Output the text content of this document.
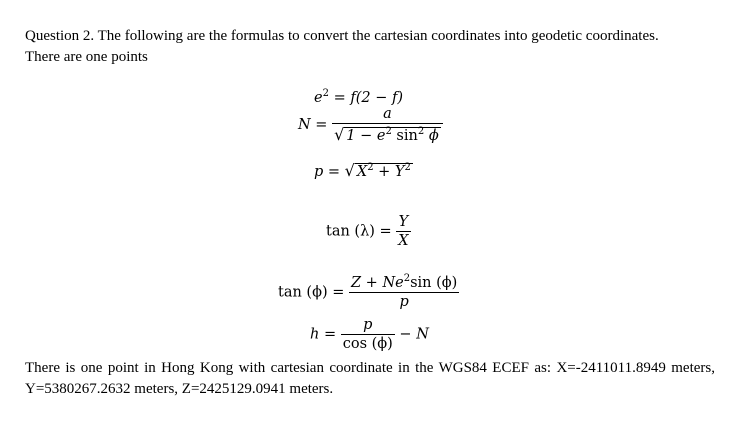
Question 2. The following are the formulas to convert the cartesian coordinates into geodetic coordinates.
There are one points
$e^2 = f(2 - f)$
$N = \frac{a}{√ 1 - e^2 \sin^2 \phi}$
p = √ $X^2 + Y^2$
$\tan (\lambda) = \frac{Y}{X}$
$\tan (\phi) = \frac{Z + Ne^2\sin (\phi)}{p}$
$h = \frac{p}{\cos (\phi)} - N$
There is one point in Hong Kong with cartesian coordinate in the WGS84 ECEF as: X=-2411011.8949 meters, Y=5380267.2632 meters, Z=2425129.0941 meters.
